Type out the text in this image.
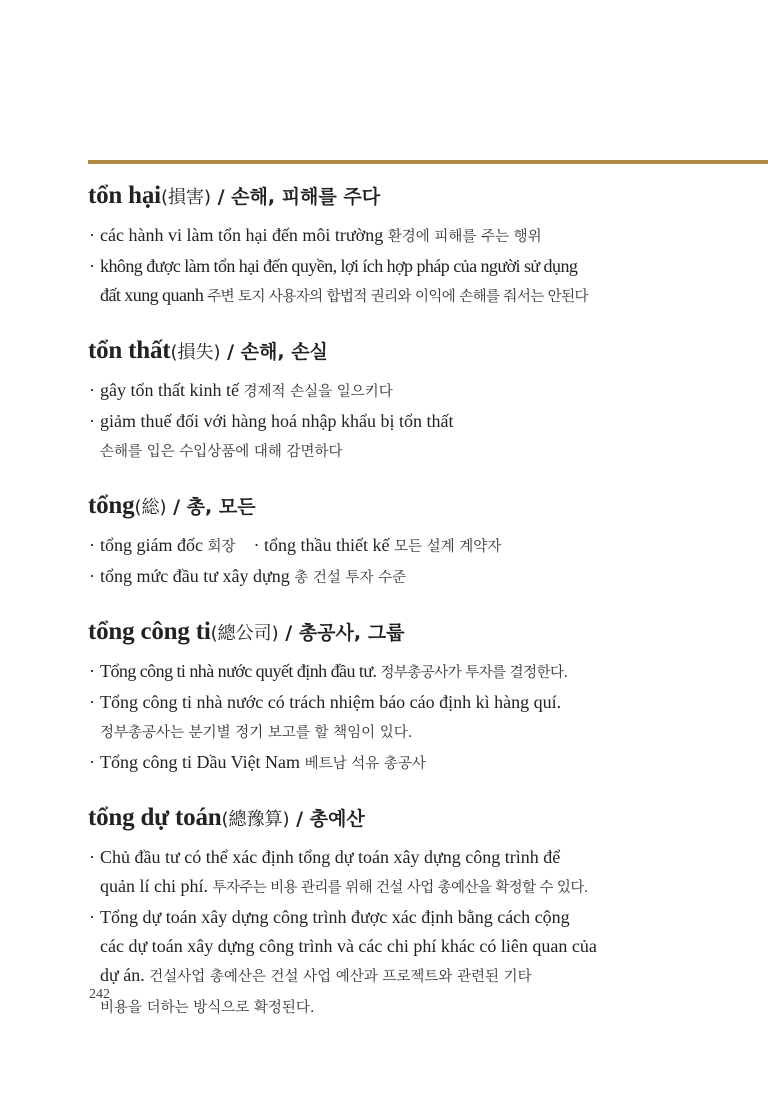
tổn hại(損害) / 손해, 피해를 주다

· các hành vi làm tổn hại đến môi trường 환경에 피해를 주는 행위

· không được làm tổn hại đến quyền, lợi ích hợp pháp của người sử dụng
đất xung quanh 주변 토지 사용자의 합법적 권리와 이익에 손해를 줘서는 안된다

tổn thất(損失) / 손해, 손실

· gây tổn thất kinh tế 경제적 손실을 일으키다

· giảm thuế đối với hàng hoá nhập khẩu bị tổn thất
손해를 입은 수입상품에 대해 감면하다

tổng(総) / 총, 모든

· tổng giám đốc 회장 · tổng thầu thiết kế 모든 설계 계약자

· tổng mức đầu tư xây dựng 총 건설 투자 수준

tổng công ti(總公司) / 총공사, 그룹

· Tổng công ti nhà nước quyết định đầu tư. 정부총공사가 투자를 결정한다.

· Tổng công ti nhà nước có trách nhiệm báo cáo định kì hàng quí.
정부총공사는 분기별 정기 보고를 할 책임이 있다.

· Tổng công ti Dầu Việt Nam 베트남 석유 총공사

tổng dự toán(總豫算) / 총예산

· Chủ đầu tư có thể xác định tổng dự toán xây dựng công trình để
quản lí chi phí. 투자주는 비용 관리를 위해 건설 사업 총예산을 확정할 수 있다.

· Tổng dự toán xây dựng công trình được xác định bằng cách cộng
các dự toán xây dựng công trình và các chi phí khác có liên quan của
dự án. 건설사업 총예산은 건설 사업 예산과 프로젝트와 관련된 기타
비용을 더하는 방식으로 확정된다.

242
